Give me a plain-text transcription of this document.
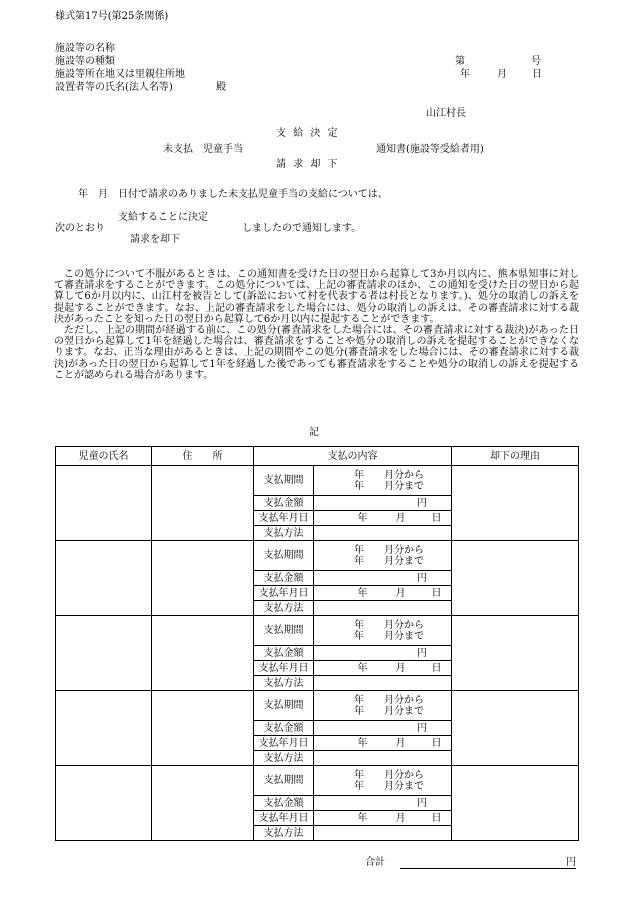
様式第17号(第25条関係)
施設等の名称
施設等の種類
施設等所在地又は里親住所地
設置者等の氏名(法人名等)	殿
第	号
年	月	日
山江村長
支 給 決 定
未支払　児童手当	通知書(施設等受給者用)
請 求 却 下
年　月　日付で請求のありました未支払児童手当の支給については、
支給することに決定
次のとおり	しましたので通知します。
請求を却下

この処分について不服があるときは、この通知書を受けた日の翌日から起算して3か月以内に、熊本県知事に対して審査請求をすることができます。この処分については、上記の審査請求のほか、この通知を受けた日の翌日から起算して6か月以内に、山江村を被告として(訴訟において村を代表する者は村長となります。)、処分の取消しの訴えを提起することができます。なお、上記の審査請求をした場合には、処分の取消しの訴えは、その審査請求に対する裁決があったことを知った日の翌日から起算して6か月以内に提起することができます。

ただし、上記の期間が経過する前に、この処分(審査請求をした場合には、その審査請求に対する裁決)があった日の翌日から起算して1年を経過した場合は、審査請求をすることや処分の取消しの訴えを提起することができなくなります。なお、正当な理由があるときは、上記の期間やこの処分(審査請求をした場合には、その審査請求に対する裁決)があった日の翌日から起算して1年を経過した後であっても審査請求をすることや処分の取消しの訴えを提起することが認められる場合があります。

記
児童の氏名	住　　所	支払の内容		却下の理由
		支払期間	年　　月分から
年　　月分まで	

		支払金額	円	
		支払年月日	年 月 日	
		支払方法		
		支払期間	年　　月分から
年　　月分まで	

		支払金額	円	
		支払年月日	年 月 日	
		支払方法		
		支払期間	年　　月分から
年　　月分まで	

		支払金額	円	
		支払年月日	年 月 日	
		支払方法		
		支払期間	年　　月分から
年　　月分まで	

		支払金額	円	
		支払年月日	年 月 日	
		支払方法		
		支払期間	年　　月分から
年　　月分まで	

		支払金額	円	
		支払年月日	年 月 日	
		支払方法		
合計	円
